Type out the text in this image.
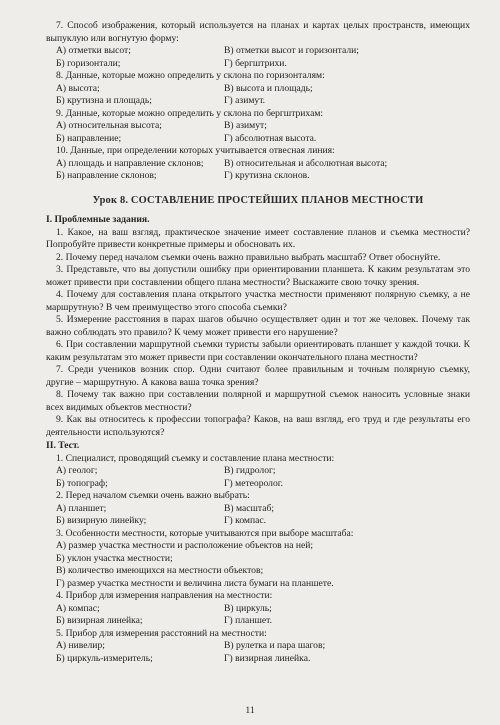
7. Способ изображения, который используется на планах и картах целых пространств, имеющих выпуклую или вогнутую форму:

А) отметки высот;	В) отметки высот и горизонтали;
Б) горизонтали;	Г) бергштрихи.

8. Данные, которые можно определить у склона по горизонталям:

А) высота;	В) высота и площадь;
Б) крутизна и площадь;	Г) азимут.

9. Данные, которые можно определить у склона по бергштрихам:

А) относительная высота;	В) азимут;
Б) направление;	Г) абсолютная высота.

10. Данные, при определении которых учитывается отвесная линия:

А) площадь и направление склонов;	В) относительная и абсолютная высота;
Б) направление склонов;	Г) крутизна склонов.
Урок 8. СОСТАВЛЕНИЕ ПРОСТЕЙШИХ ПЛАНОВ МЕСТНОСТИ

I. Проблемные задания.

1. Какое, на ваш взгляд, практическое значение имеет составление планов и съемка местности? Попробуйте привести конкретные примеры и обосновать их.

2. Почему перед началом съемки очень важно правильно выбрать масштаб? Ответ обоснуйте.

3. Представьте, что вы допустили ошибку при ориентировании планшета. К каким результатам это может привести при составлении общего плана местности? Выскажите свою точку зрения.

4. Почему для составления плана открытого участка местности применяют полярную съемку, а не маршрутную? В чем преимущество этого способа съемки?

5. Измерение расстояния в парах шагов обычно осуществляет один и тот же человек. Почему так важно соблюдать это правило? К чему может привести его нарушение?

6. При составлении маршрутной съемки туристы забыли ориентировать планшет у каждой точки. К каким результатам это может привести при составлении окончательного плана местности?

7. Среди учеников возник спор. Одни считают более правильным и точным полярную съемку, другие – маршрутную. А какова ваша точка зрения?

8. Почему так важно при составлении полярной и маршрутной съемок наносить условные знаки всех видимых объектов местности?

9. Как вы относитесь к профессии топографа? Каков, на ваш взгляд, его труд и где результаты его деятельности используются?

II. Тест.

1. Специалист, проводящий съемку и составление плана местности:

А) геолог;	В) гидролог;
Б) топограф;	Г) метеоролог.

2. Перед началом съемки очень важно выбрать:

А) планшет;	В) масштаб;
Б) визирную линейку;	Г) компас.

3. Особенности местности, которые учитываются при выборе масштаба:

А) размер участка местности и расположение объектов на ней;

Б) уклон участка местности;

В) количество имеющихся на местности объектов;

Г) размер участка местности и величина листа бумаги на планшете.

4. Прибор для измерения направления на местности:

А) компас;	В) циркуль;
Б) визирная линейка;	Г) планшет.

5. Прибор для измерения расстояний на местности:

А) нивелир;	В) рулетка и пара шагов;
Б) циркуль-измеритель;	Г) визирная линейка.
11
